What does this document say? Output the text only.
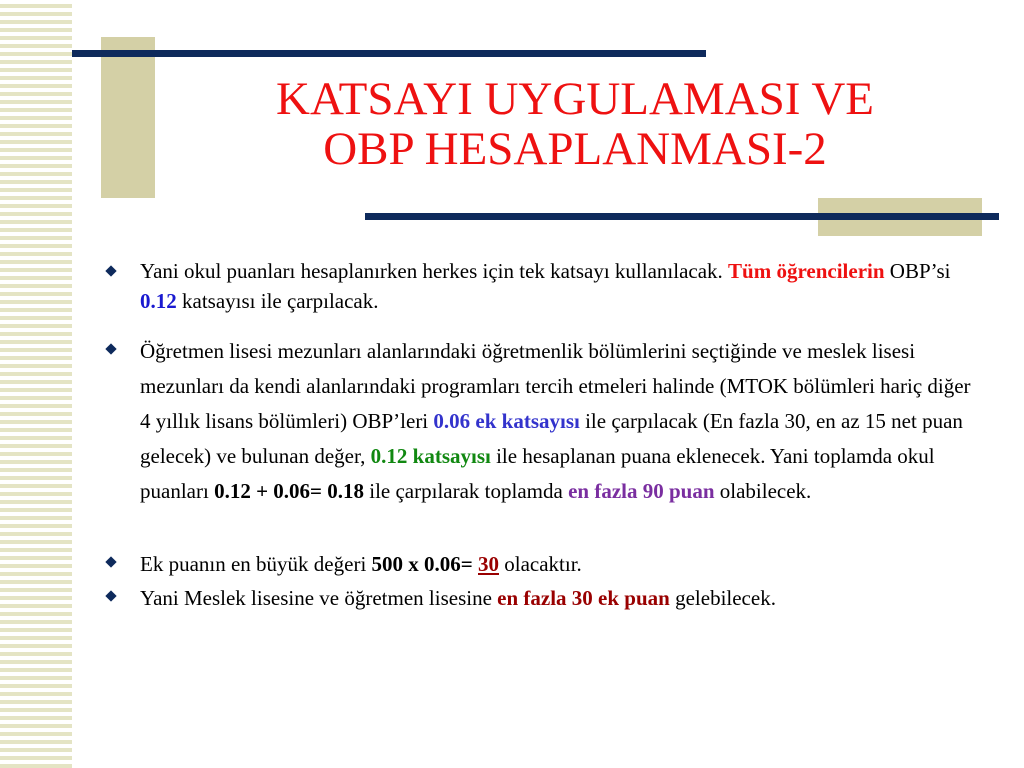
KATSAYI UYGULAMASI VE
OBP HESAPLANMASI-2
Yani okul puanları hesaplanırken herkes için tek katsayı kullanılacak. Tüm öğrencilerin OBP’si 0.12 katsayısı ile çarpılacak.
Öğretmen lisesi mezunları alanlarındaki öğretmenlik bölümlerini seçtiğinde ve meslek lisesi mezunları da kendi alanlarındaki programları tercih etmeleri halinde (MTOK bölümleri hariç diğer 4 yıllık lisans bölümleri) OBP’leri 0.06 ek katsayısı ile çarpılacak (En fazla 30, en az 15 net puan gelecek) ve bulunan değer, 0.12 katsayısı ile hesaplanan puana eklenecek. Yani toplamda okul puanları 0.12 + 0.06= 0.18 ile çarpılarak toplamda en fazla 90 puan olabilecek.
Ek puanın en büyük değeri 500 x 0.06= 30 olacaktır.
Yani Meslek lisesine ve öğretmen lisesine en fazla 30 ek puan gelebilecek.
